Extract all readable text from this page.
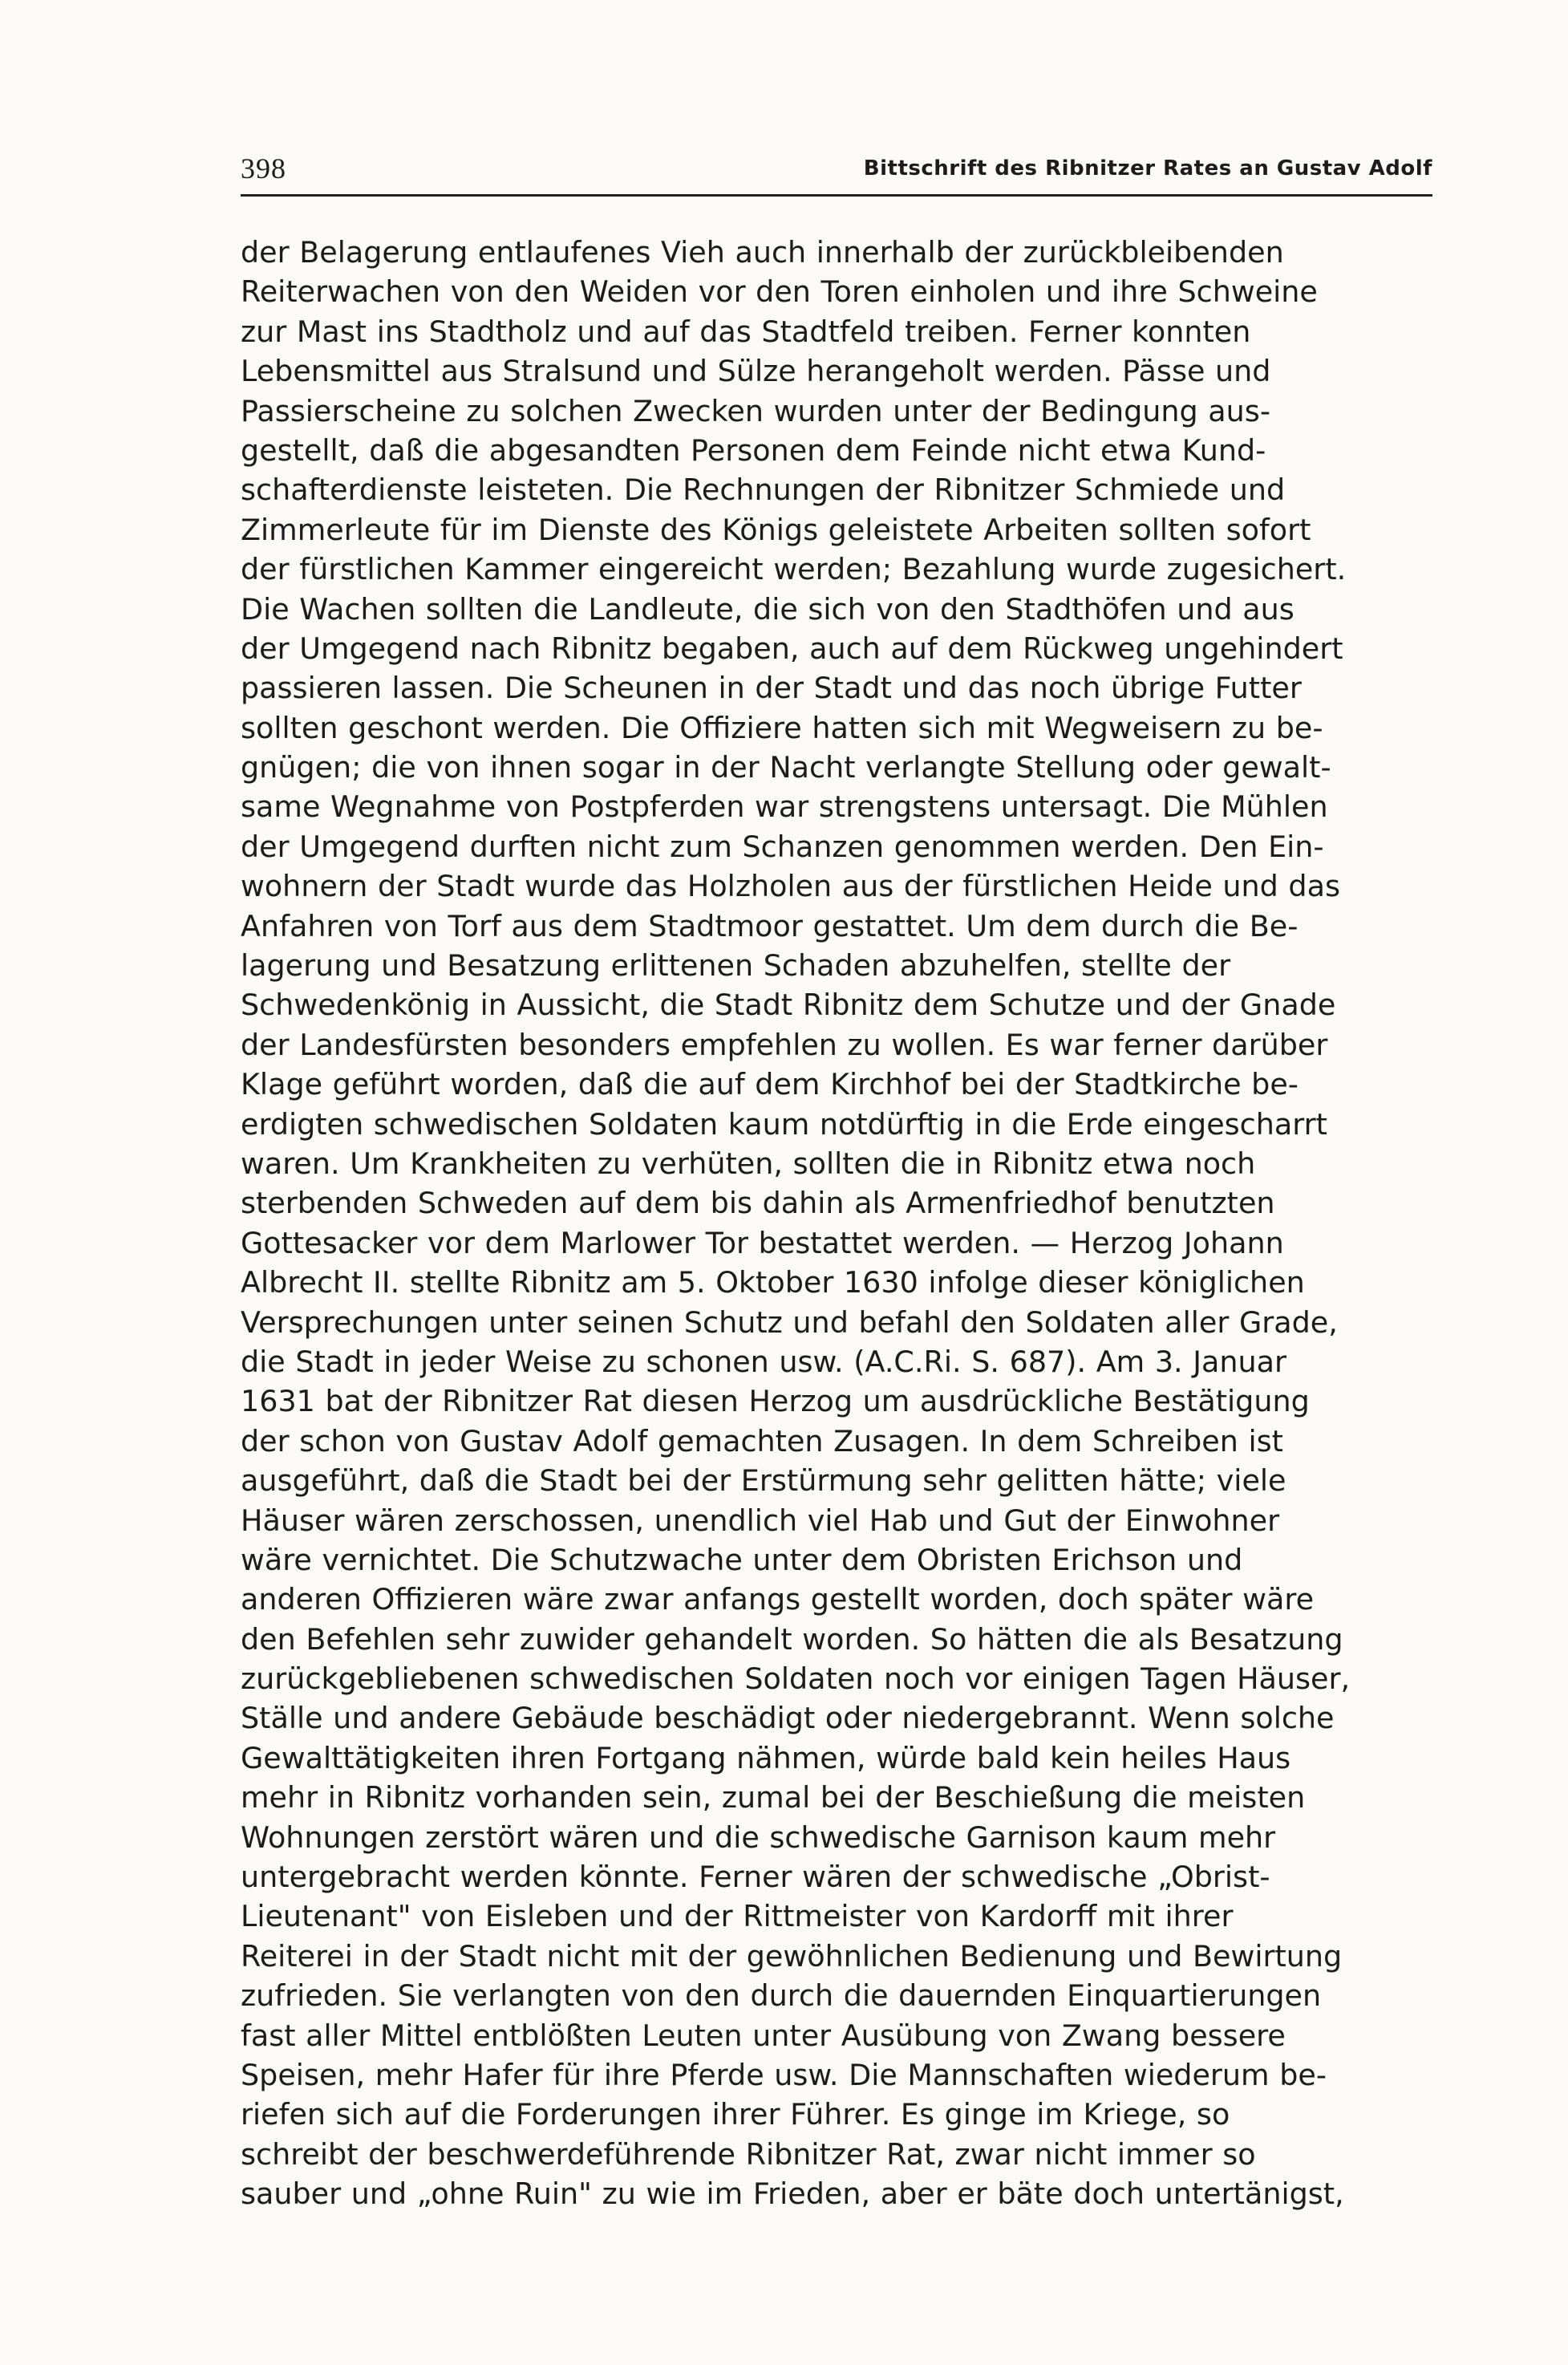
398	Bittschrift des Ribnitzer Rates an Gustav Adolf
der Belagerung entlaufenes Vieh auch innerhalb der zurückbleibenden
Reiterwachen von den Weiden vor den Toren einholen und ihre Schweine
zur Mast ins Stadtholz und auf das Stadtfeld treiben. Ferner konnten
Lebensmittel aus Stralsund und Sülze herangeholt werden. Pässe und
Passierscheine zu solchen Zwecken wurden unter der Bedingung aus-
gestellt, daß die abgesandten Personen dem Feinde nicht etwa Kund-
schafterdienste leisteten. Die Rechnungen der Ribnitzer Schmiede und
Zimmerleute für im Dienste des Königs geleistete Arbeiten sollten sofort
der fürstlichen Kammer eingereicht werden; Bezahlung wurde zugesichert.
Die Wachen sollten die Landleute, die sich von den Stadthöfen und aus
der Umgegend nach Ribnitz begaben, auch auf dem Rückweg ungehindert
passieren lassen. Die Scheunen in der Stadt und das noch übrige Futter
sollten geschont werden. Die Offiziere hatten sich mit Wegweisern zu be-
gnügen; die von ihnen sogar in der Nacht verlangte Stellung oder gewalt-
same Wegnahme von Postpferden war strengstens untersagt. Die Mühlen
der Umgegend durften nicht zum Schanzen genommen werden. Den Ein-
wohnern der Stadt wurde das Holzholen aus der fürstlichen Heide und das
Anfahren von Torf aus dem Stadtmoor gestattet. Um dem durch die Be-
lagerung und Besatzung erlittenen Schaden abzuhelfen, stellte der
Schwedenkönig in Aussicht, die Stadt Ribnitz dem Schutze und der Gnade
der Landesfürsten besonders empfehlen zu wollen. Es war ferner darüber
Klage geführt worden, daß die auf dem Kirchhof bei der Stadtkirche be-
erdigten schwedischen Soldaten kaum notdürftig in die Erde eingescharrt
waren. Um Krankheiten zu verhüten, sollten die in Ribnitz etwa noch
sterbenden Schweden auf dem bis dahin als Armenfriedhof benutzten
Gottesacker vor dem Marlower Tor bestattet werden. — Herzog Johann
Albrecht II. stellte Ribnitz am 5. Oktober 1630 infolge dieser königlichen
Versprechungen unter seinen Schutz und befahl den Soldaten aller Grade,
die Stadt in jeder Weise zu schonen usw. (A.C.Ri. S. 687). Am 3. Januar
1631 bat der Ribnitzer Rat diesen Herzog um ausdrückliche Bestätigung
der schon von Gustav Adolf gemachten Zusagen. In dem Schreiben ist
ausgeführt, daß die Stadt bei der Erstürmung sehr gelitten hätte; viele
Häuser wären zerschossen, unendlich viel Hab und Gut der Einwohner
wäre vernichtet. Die Schutzwache unter dem Obristen Erichson und
anderen Offizieren wäre zwar anfangs gestellt worden, doch später wäre
den Befehlen sehr zuwider gehandelt worden. So hätten die als Besatzung
zurückgebliebenen schwedischen Soldaten noch vor einigen Tagen Häuser,
Ställe und andere Gebäude beschädigt oder niedergebrannt. Wenn solche
Gewalttätigkeiten ihren Fortgang nähmen, würde bald kein heiles Haus
mehr in Ribnitz vorhanden sein, zumal bei der Beschießung die meisten
Wohnungen zerstört wären und die schwedische Garnison kaum mehr
untergebracht werden könnte. Ferner wären der schwedische „Obrist-
Lieutenant" von Eisleben und der Rittmeister von Kardorff mit ihrer
Reiterei in der Stadt nicht mit der gewöhnlichen Bedienung und Bewirtung
zufrieden. Sie verlangten von den durch die dauernden Einquartierungen
fast aller Mittel entblößten Leuten unter Ausübung von Zwang bessere
Speisen, mehr Hafer für ihre Pferde usw. Die Mannschaften wiederum be-
riefen sich auf die Forderungen ihrer Führer. Es ginge im Kriege, so
schreibt der beschwerdeführende Ribnitzer Rat, zwar nicht immer so
sauber und „ohne Ruin" zu wie im Frieden, aber er bäte doch untertänigst,
